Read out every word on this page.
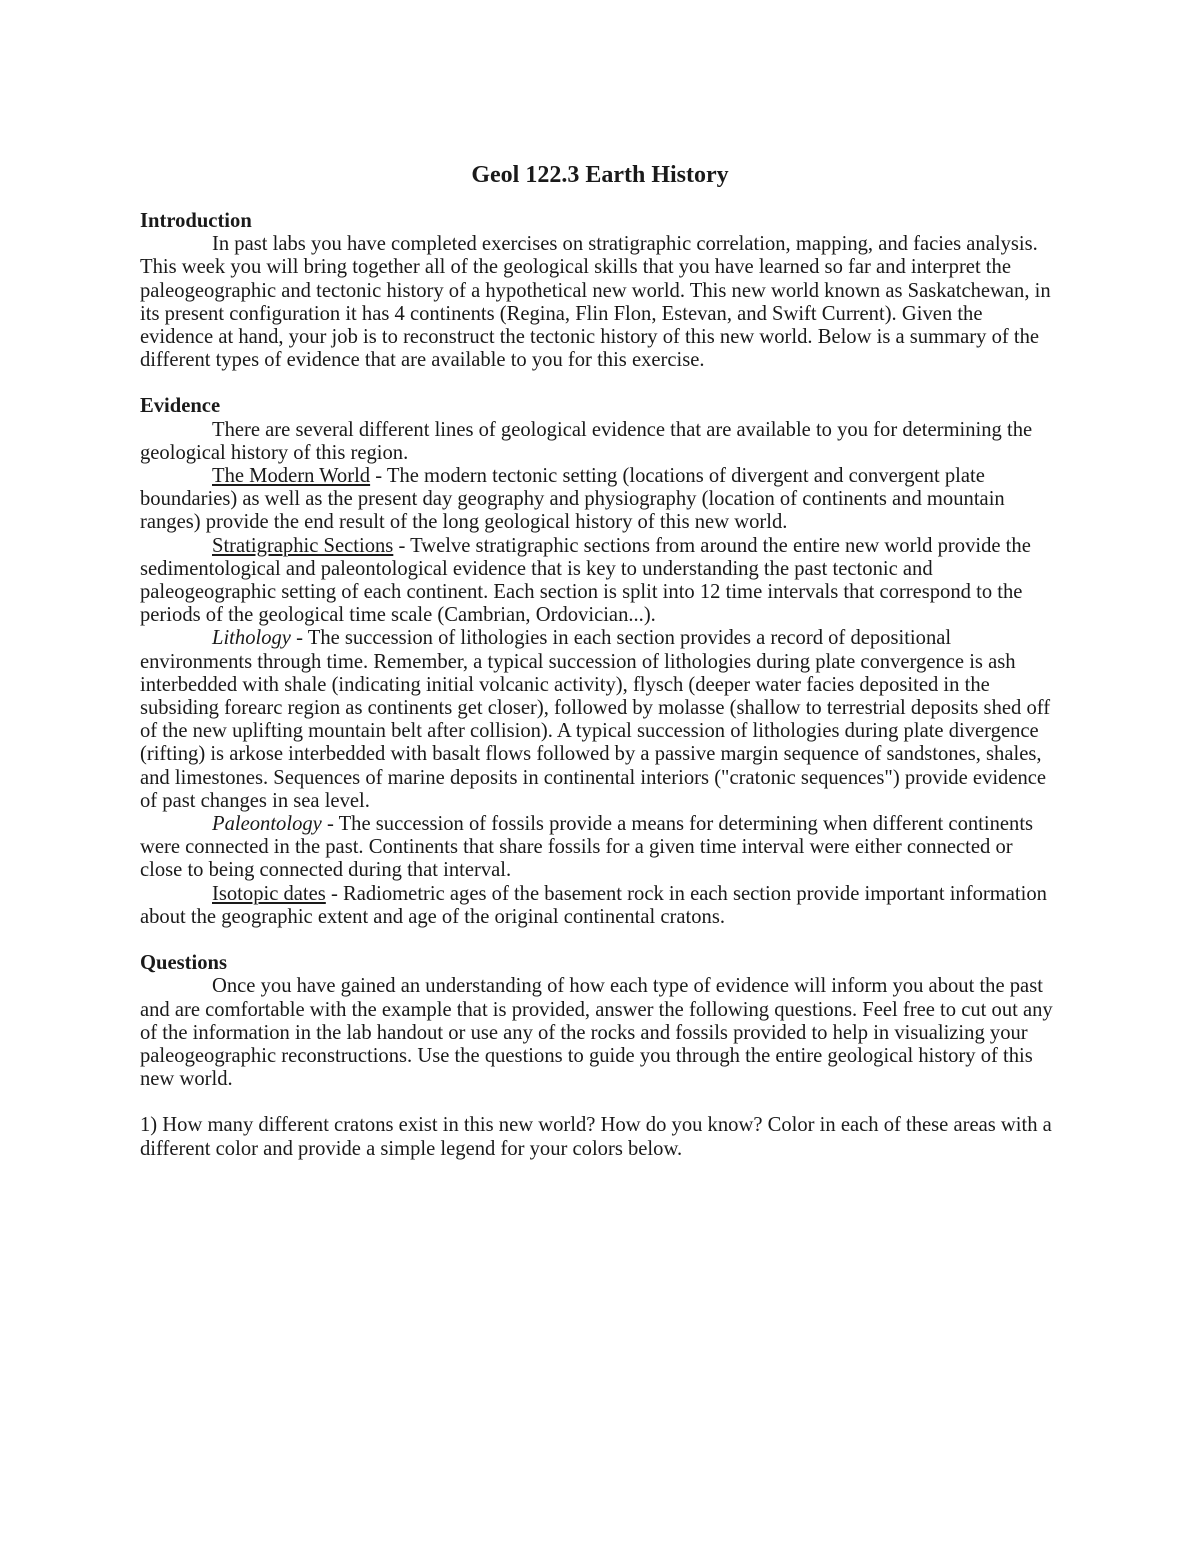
Geol 122.3 Earth History

Introduction

In past labs you have completed exercises on stratigraphic correlation, mapping, and facies analysis. This week you will bring together all of the geological skills that you have learned so far and interpret the paleogeographic and tectonic history of a hypothetical new world. This new world known as Saskatchewan, in its present configuration it has 4 continents (Regina, Flin Flon, Estevan, and Swift Current). Given the evidence at hand, your job is to reconstruct the tectonic history of this new world. Below is a summary of the different types of evidence that are available to you for this exercise.

Evidence

There are several different lines of geological evidence that are available to you for determining the geological history of this region.

The Modern World - The modern tectonic setting (locations of divergent and convergent plate boundaries) as well as the present day geography and physiography (location of continents and mountain ranges) provide the end result of the long geological history of this new world.

Stratigraphic Sections - Twelve stratigraphic sections from around the entire new world provide the sedimentological and paleontological evidence that is key to understanding the past tectonic and paleogeographic setting of each continent. Each section is split into 12 time intervals that correspond to the periods of the geological time scale (Cambrian, Ordovician...).

Lithology - The succession of lithologies in each section provides a record of depositional environments through time. Remember, a typical succession of lithologies during plate convergence is ash interbedded with shale (indicating initial volcanic activity), flysch (deeper water facies deposited in the subsiding forearc region as continents get closer), followed by molasse (shallow to terrestrial deposits shed off of the new uplifting mountain belt after collision). A typical succession of lithologies during plate divergence (rifting) is arkose interbedded with basalt flows followed by a passive margin sequence of sandstones, shales, and limestones. Sequences of marine deposits in continental interiors ("cratonic sequences") provide evidence of past changes in sea level.

Paleontology - The succession of fossils provide a means for determining when different continents were connected in the past. Continents that share fossils for a given time interval were either connected or close to being connected during that interval.

Isotopic dates - Radiometric ages of the basement rock in each section provide important information about the geographic extent and age of the original continental cratons.

Questions

Once you have gained an understanding of how each type of evidence will inform you about the past and are comfortable with the example that is provided, answer the following questions. Feel free to cut out any of the information in the lab handout or use any of the rocks and fossils provided to help in visualizing your paleogeographic reconstructions. Use the questions to guide you through the entire geological history of this new world.

1) How many different cratons exist in this new world? How do you know? Color in each of these areas with a different color and provide a simple legend for your colors below.
